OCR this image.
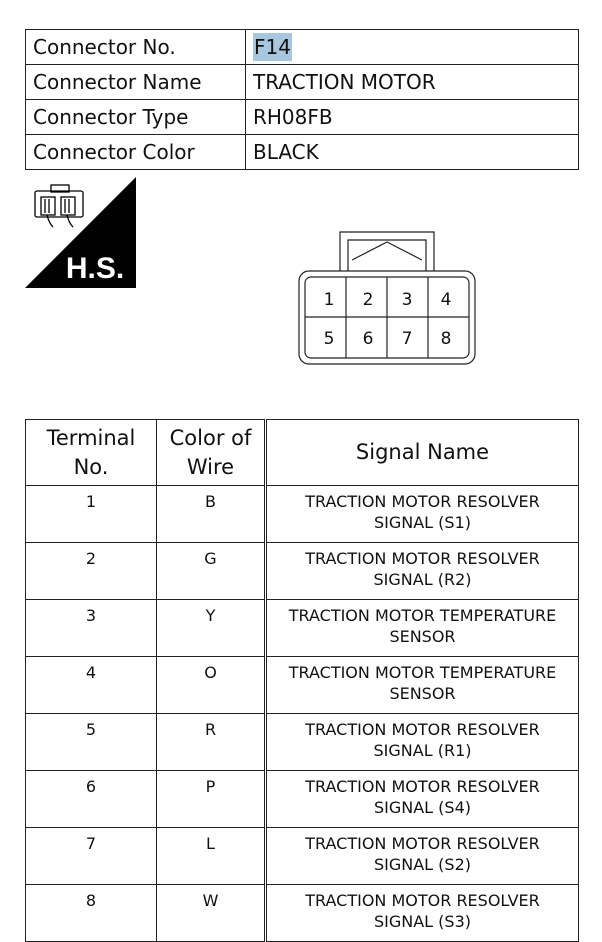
Connector No.	F14
Connector Name	TRACTION MOTOR
Connector Type	RH08FB
Connector Color	BLACK
H.S.
1 2 3 4
5 6 7 8
Terminal No.	Color of Wire	Signal Name
1	B	TRACTION MOTOR RESOLVER
SIGNAL (S1)

2	G	TRACTION MOTOR RESOLVER
SIGNAL (R2)

3	Y	TRACTION MOTOR TEMPERATURE
SENSOR

4	O	TRACTION MOTOR TEMPERATURE
SENSOR

5	R	TRACTION MOTOR RESOLVER
SIGNAL (R1)

6	P	TRACTION MOTOR RESOLVER
SIGNAL (S4)

7	L	TRACTION MOTOR RESOLVER
SIGNAL (S2)

8	W	TRACTION MOTOR RESOLVER
SIGNAL (S3)
